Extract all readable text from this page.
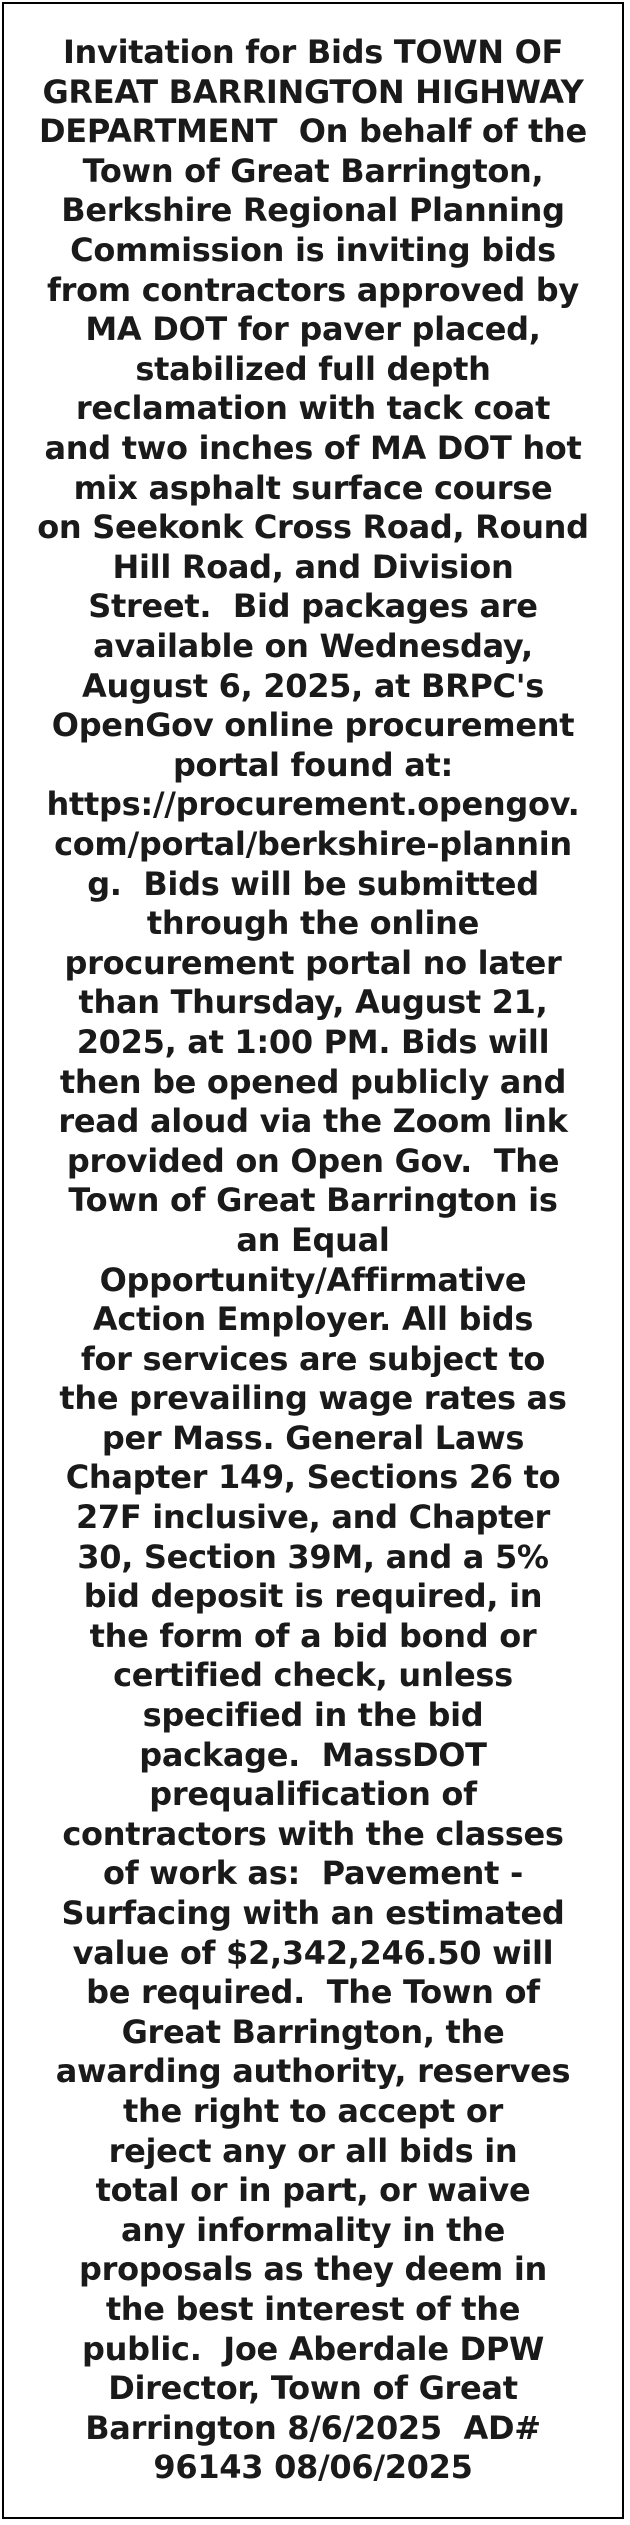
Invitation for Bids TOWN OF
GREAT BARRINGTON HIGHWAY
DEPARTMENT  On behalf of the
Town of Great Barrington,
Berkshire Regional Planning
Commission is inviting bids
from contractors approved by
MA DOT for paver placed,
stabilized full depth
reclamation with tack coat
and two inches of MA DOT hot
mix asphalt surface course
on Seekonk Cross Road, Round
Hill Road, and Division
Street.  Bid packages are
available on Wednesday,
August 6, 2025, at BRPC's
OpenGov online procurement
portal found at:
https://procurement.opengov.
com/portal/berkshire-plannin
g.  Bids will be submitted
through the online
procurement portal no later
than Thursday, August 21,
2025, at 1:00 PM. Bids will
then be opened publicly and
read aloud via the Zoom link
provided on Open Gov.  The
Town of Great Barrington is
an Equal
Opportunity/Affirmative
Action Employer. All bids
for services are subject to
the prevailing wage rates as
per Mass. General Laws
Chapter 149, Sections 26 to
27F inclusive, and Chapter
30, Section 39M, and a 5%
bid deposit is required, in
the form of a bid bond or
certified check, unless
specified in the bid
package.  MassDOT
prequalification of
contractors with the classes
of work as:  Pavement -
Surfacing with an estimated
value of $2,342,246.50 will
be required.  The Town of
Great Barrington, the
awarding authority, reserves
the right to accept or
reject any or all bids in
total or in part, or waive
any informality in the
proposals as they deem in
the best interest of the
public.  Joe Aberdale DPW
Director, Town of Great
Barrington 8/6/2025  AD#
96143 08/06/2025
